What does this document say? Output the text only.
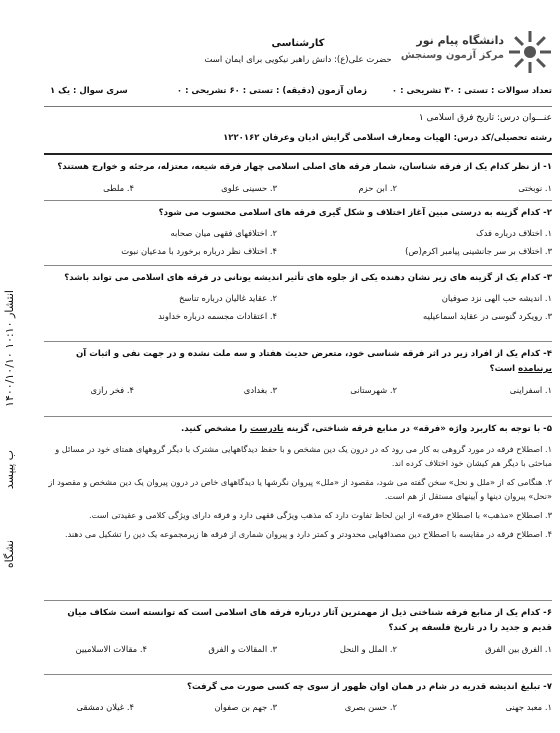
۱۴۰۰/۱۰/۱۰ ۱۰:۱۰ انتشار
ب پیپسد
نشگاه
دانشگاه پیام نور
مرکز آزمون وسنجش
کارشناسی
حضرت علی(ع): دانش راهبر نیکویی برای ایمان است
تعداد سوالات : تستی : ۳۰ تشریحی : ۰
زمان آزمون (دقیقه) : تستی : ۶۰ تشریحی : ۰
سری سوال : یک ۱
عنـــوان درس: تاریخ فرق اسلامی ۱
رشته تحصیلی/کد درس: الهیات ومعارف اسلامی گرایش ادیان وعرفان ۱۲۲۰۱۶۲
۱- از نظر کدام یک از فرقه شناسان، شمار فرقه های اصلی اسلامی چهار فرقه شیعه، معتزله، مرجئه و خوارج هستند؟
۱. نوبختی
۲. ابن حزم
۳. حسینی علوی
۴. ملطی
۲- کدام گزینه به درستی مبین آغاز اختلاف و شکل گیری فرقه های اسلامی محسوب می شود؟
۱. اختلاف درباره فدک
۲. اختلافهای فقهی میان صحابه
۳. اختلاف بر سر جانشینی پیامبر اکرم(ص)
۴. اختلاف نظر درباره برخورد با مدعیان نبوت
۳- کدام یک از گزینه های زیر نشان دهنده یکی از جلوه های تأثیر اندیشه یونانی در فرقه های اسلامی می تواند باشد؟
۱. اندیشه حب الهی نزد صوفیان
۲. عقاید غالیان درباره تناسخ
۳. رویکرد گنوسی در عقاید اسماعیلیه
۴. اعتقادات مجسمه درباره خداوند
۴- کدام یک از افراد زیر در اثر فرقه شناسی خود، متعرض حدیث هفتاد و سه ملت نشده و در جهت نفی و اثبات آن برنیامده است؟
۱. اسفراینی
۲. شهرستانی
۳. بغدادی
۴. فخر رازی
۵- با توجه به کاربرد واژه «فرقه» در منابع فرقه شناختی، گزینه نادرست را مشخص کنید.
۱. اصطلاح فرقه در مورد گروهی به کار می رود که در درون یک دین مشخص و با حفظ دیدگاههایی مشترک با دیگر گروههای همتای خود در مسائل و مباحثی با دیگر هم کیشان خود اختلاف کرده اند.
۲. هنگامی که از «ملل و نحل» سخن گفته می شود، مقصود از «ملل» پیروان نگرشها یا دیدگاههای خاص در درون پیروان یک دین مشخص و مقصود از «نحل» پیروان دینها و آیینهای مستقل از هم است.
۳. اصطلاح «مذهب» با اصطلاح «فرقه» از این لحاظ تفاوت دارد که مذهب ویژگی فقهی دارد و فرقه دارای ویژگی کلامی و عقیدتی است.
۴. اصطلاح فرقه در مقایسه با اصطلاح دین مصداقهایی محدودتر و کمتر دارد و پیروان شماری از فرقه ها زیرمجموعه یک دین را تشکیل می دهند.
۶- کدام یک از منابع فرقه شناختی ذیل از مهمترین آثار درباره فرقه های اسلامی است که توانسته است شکاف میان قدیم و جدید را در تاریخ فلسفه پر کند؟
۱. الفرق بین الفرق
۲. الملل و النحل
۳. المقالات و الفرق
۴. مقالات الاسلامیین
۷- تبلیغ اندیشه قدریه در شام در همان اوان ظهور از سوی چه کسی صورت می گرفت؟
۱. معبد جهنی
۲. حسن بصری
۳. جهم بن صفوان
۴. غیلان دمشقی
